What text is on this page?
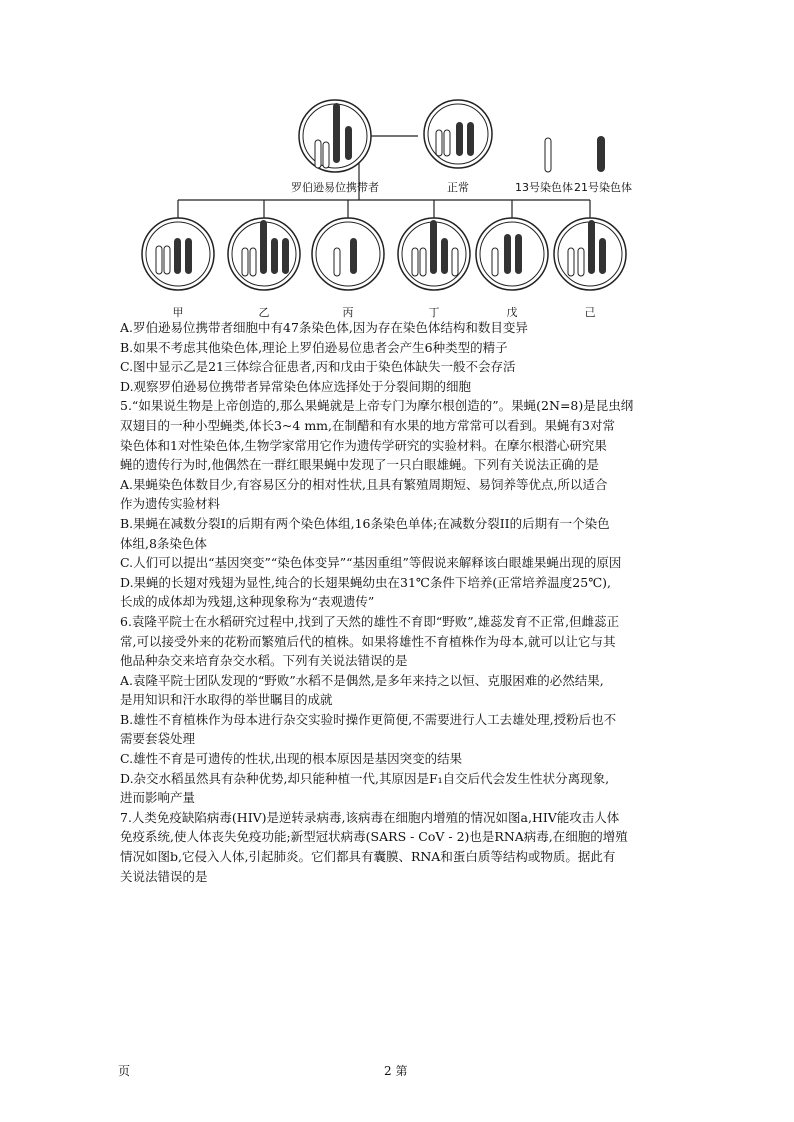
罗伯逊易位携带者	正常	13号染色体 21号染色体
甲	乙	丙	丁	戊	己

A.罗伯逊易位携带者细胞中有47条染色体,因为存在染色体结构和数目变异

B.如果不考虑其他染色体,理论上罗伯逊易位患者会产生6种类型的精子

C.图中显示乙是21三体综合征患者,丙和戊由于染色体缺失一般不会存活

D.观察罗伯逊易位携带者异常染色体应选择处于分裂间期的细胞

5.“如果说生物是上帝创造的,那么果蝇就是上帝专门为摩尔根创造的”。果蝇(2N=8)是昆虫纲

双翅目的一种小型蝇类,体长3~4 mm,在制醋和有水果的地方常常可以看到。果蝇有3对常

染色体和1对性染色体,生物学家常用它作为遗传学研究的实验材料。在摩尔根潜心研究果

蝇的遗传行为时,他偶然在一群红眼果蝇中发现了一只白眼雄蝇。下列有关说法正确的是

A.果蝇染色体数目少,有容易区分的相对性状,且具有繁殖周期短、易饲养等优点,所以适合

作为遗传实验材料

B.果蝇在减数分裂I的后期有两个染色体组,16条染色单体;在减数分裂II的后期有一个染色

体组,8条染色体

C.人们可以提出“基因突变”“染色体变异”“基因重组”等假说来解释该白眼雄果蝇出现的原因

D.果蝇的长翅对残翅为显性,纯合的长翅果蝇幼虫在31℃条件下培养(正常培养温度25℃),

长成的成体却为残翅,这种现象称为“表观遗传”

6.袁隆平院士在水稻研究过程中,找到了天然的雄性不育即“野败”,雄蕊发育不正常,但雌蕊正

常,可以接受外来的花粉而繁殖后代的植株。如果将雄性不育植株作为母本,就可以让它与其

他品种杂交来培育杂交水稻。下列有关说法错误的是

A.袁隆平院士团队发现的“野败”水稻不是偶然,是多年来持之以恒、克服困难的必然结果,

是用知识和汗水取得的举世瞩目的成就

B.雄性不育植株作为母本进行杂交实验时操作更简便,不需要进行人工去雄处理,授粉后也不

需要套袋处理

C.雄性不育是可遗传的性状,出现的根本原因是基因突变的结果

D.杂交水稻虽然具有杂种优势,却只能种植一代,其原因是F₁自交后代会发生性状分离现象,

进而影响产量

7.人类免疫缺陷病毒(HIV)是逆转录病毒,该病毒在细胞内增殖的情况如图a,HIV能攻击人体

免疫系统,使人体丧失免疫功能;新型冠状病毒(SARS - CoV - 2)也是RNA病毒,在细胞的增殖

情况如图b,它侵入人体,引起肺炎。它们都具有囊膜、RNA和蛋白质等结构或物质。据此有

关说法错误的是

页	2 第
